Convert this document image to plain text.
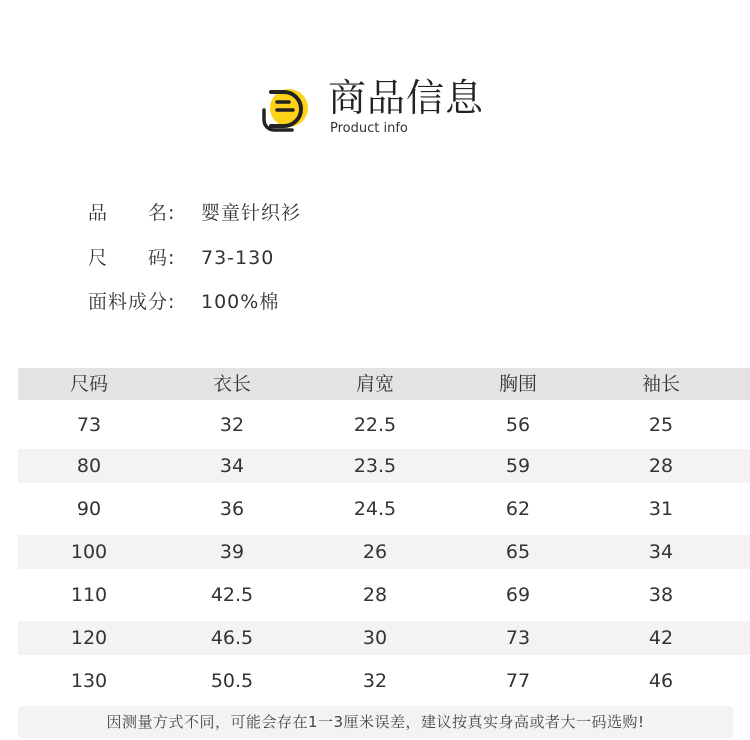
商品信息
Product info
品 名:	婴童针织衫
尺 码:	73-130
面料成分:	100%棉
尺码	衣长	肩宽	胸围	袖长
73	32	22.5	56	25
80	34	23.5	59	28
90	36	24.5	62	31
100	39	26	65	34
110	42.5	28	69	38
120	46.5	30	73	42
130	50.5	32	77	46
因测量方式不同，可能会存在1一3厘米误差，建议按真实身高或者大一码选购!
